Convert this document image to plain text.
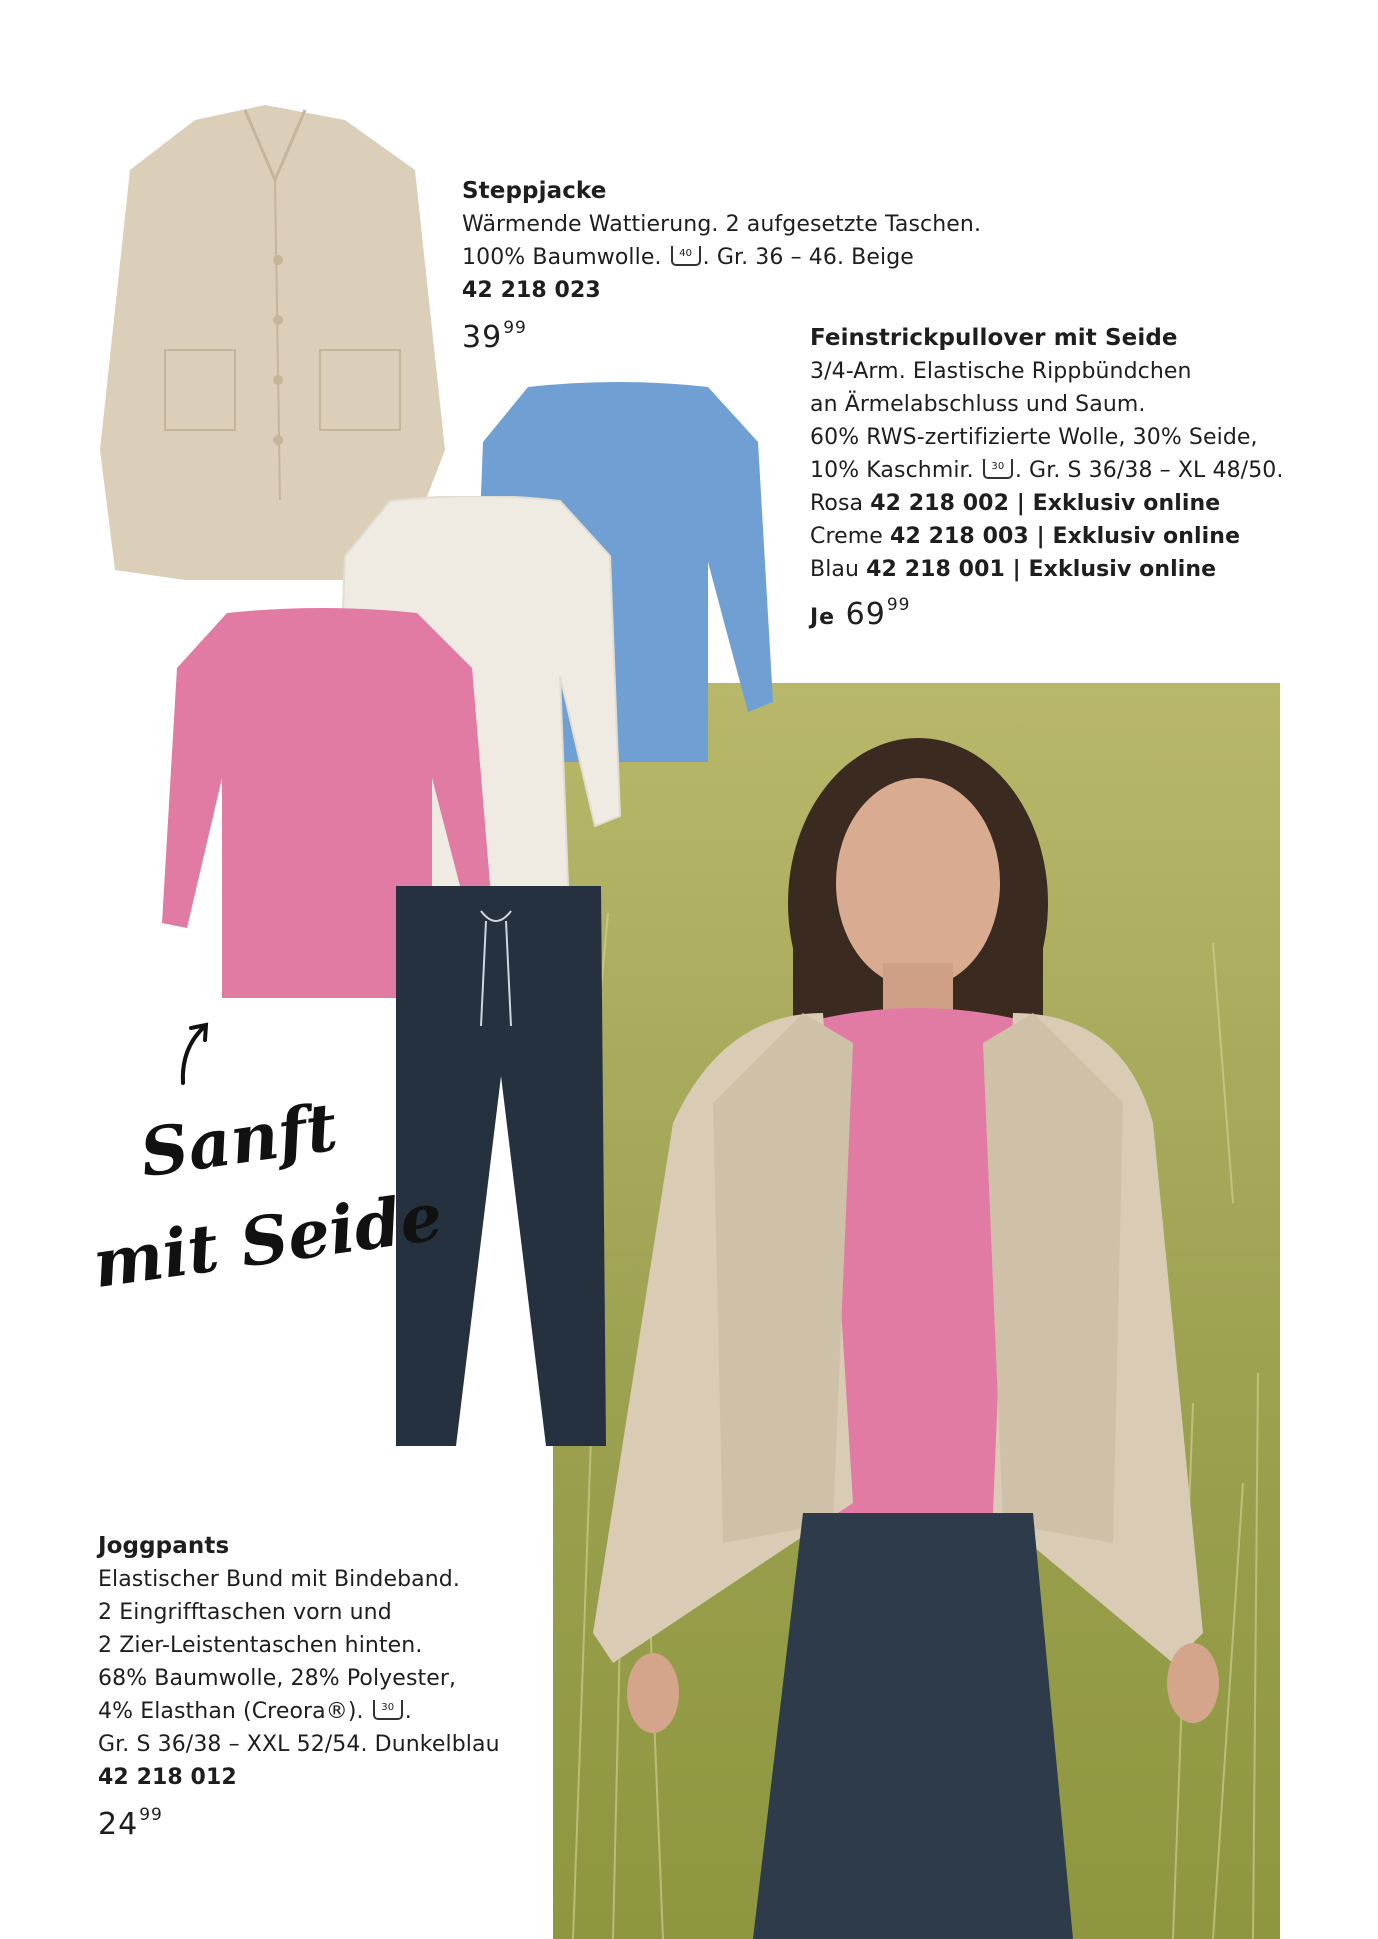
Steppjacke
Wärmende Wattierung. 2 aufgesetzte Taschen.
100% Baumwolle. 40 . Gr. 36 – 46. Beige
42 218 023
$39^{99}$	Feinstrickpullover mit Seide
3/4-Arm. Elastische Rippbündchen
an Ärmelabschluss und Saum.
60% RWS-zertifizierte Wolle, 30% Seide,
10% Kaschmir. 30 . Gr. S 36/38 – XL 48/50.
Rosa 42 218 002 | Exklusiv online
Creme 42 218 003 | Exklusiv online
Blau 42 218 001 | Exklusiv online
Je $69^{99}$
Sanft
mit Seide
Joggpants
Elastischer Bund mit Bindeband.
2 Eingrifftaschen vorn und
2 Zier-Leistentaschen hinten.
68% Baumwolle, 28% Polyester,
4% Elasthan (Creora®). 30 .
Gr. S 36/38 – XXL 52/54. Dunkelblau
42 218 012
$24^{99}$
